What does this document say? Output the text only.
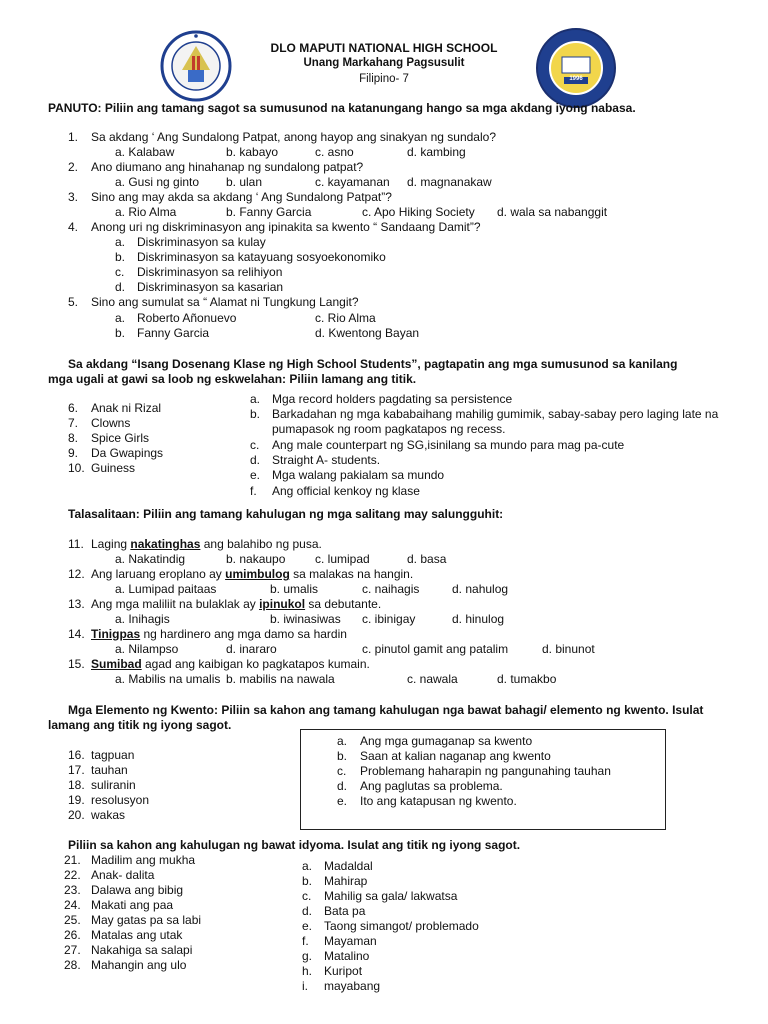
1996
DLO MAPUTI NATIONAL HIGH SCHOOL
Unang Markahang Pagsusulit
Filipino- 7
PANUTO: Piliin ang tamang sagot sa sumusunod na katanungang hango sa mga akdang iyong nabasa.
1. Sa akdang ‘ Ang Sundalong Patpat, anong hayop ang sinakyan ng sundalo?
a. Kalabaw	b. kabayo	c. asno	d. kambing
2. Ano diumano ang hinahanap ng sundalong patpat?
a. Gusi ng ginto b. ulan	c. kayamanan d. magnanakaw
3. Sino ang may akda sa akdang ‘ Ang Sundalong Patpat”?
a. Rio Alma	b. Fanny Garcia	c. Apo Hiking Society d. wala sa nabanggit
4. Anong uri ng diskriminasyon ang ipinakita sa kwento “ Sandaang Damit”?
a. Diskriminasyon sa kulay
b. Diskriminasyon sa katayuang sosyoekonomiko
c. Diskriminasyon sa relihiyon
d. Diskriminasyon sa kasarian
5. Sino ang sumulat sa “ Alamat ni Tungkung Langit?
a. Roberto Añonuevo	c. Rio Alma
b. Fanny Garcia	d. Kwentong Bayan
Sa akdang “Isang Dosenang Klase ng High School Students”, pagtapatin ang mga sumusunod sa kanilang
mga ugali at gawi sa loob ng eskwelahan: Piliin lamang ang titik.
6. Anak ni Rizal
7. Clowns
8. Spice Girls
9. Da Gwapings
10. Guiness
a. Mga record holders pagdating sa persistence
b. Barkadahan ng mga kababaihang mahilig gumimik, sabay-sabay pero laging late na
pumapasok ng room pagkatapos ng recess.
c. Ang male counterpart ng SG,isinilang sa mundo para mag pa-cute
d. Straight A- students.
e. Mga walang pakialam sa mundo
f. Ang official kenkoy ng klase
Talasalitaan: Piliin ang tamang kahulugan ng mga salitang may salungguhit:
11. Laging nakatinghas ang balahibo ng pusa.
a. Nakatindig	b. nakaupo c. lumipad	d. basa
12. Ang laruang eroplano ay umimbulog sa malakas na hangin.
a. Lumipad paitaas	b. umalis	c. naihagis	d. nahulog
13. Ang mga maliliit na bulaklak ay ipinukol sa debutante.
a. Inihagis	b. iwinasiwas c. ibinigay	d. hinulog
14. Tinigpas ng hardinero ang mga damo sa hardin
a. Nilampso	d. inararo	c. pinutol gamit ang patalim	d. binunot
15. Sumibad agad ang kaibigan ko pagkatapos kumain.
a. Mabilis na umalis b. mabilis na nawala	c. nawala	d. tumakbo
Mga Elemento ng Kwento: Piliin sa kahon ang tamang kahulugan nga bawat bahagi/ elemento ng kwento. Isulat
lamang ang titik ng iyong sagot.
16. tagpuan
17. tauhan
18. suliranin
19. resolusyon
20. wakas
a. Ang mga gumaganap sa kwento
b. Saan at kalian naganap ang kwento
c. Problemang haharapin ng pangunahing tauhan
d. Ang paglutas sa problema.
e. Ito ang katapusan ng kwento.
Piliin sa kahon ang kahulugan ng bawat idyoma. Isulat ang titik ng iyong sagot.
21. Madilim ang mukha
22. Anak- dalita
23. Dalawa ang bibig
24. Makati ang paa
25. May gatas pa sa labi
26. Matalas ang utak
27. Nakahiga sa salapi
28. Mahangin ang ulo
a. Madaldal
b. Mahirap
c. Mahilig sa gala/ lakwatsa
d. Bata pa
e. Taong simangot/ problemado
f. Mayaman
g. Matalino
h. Kuripot
i. mayabang
